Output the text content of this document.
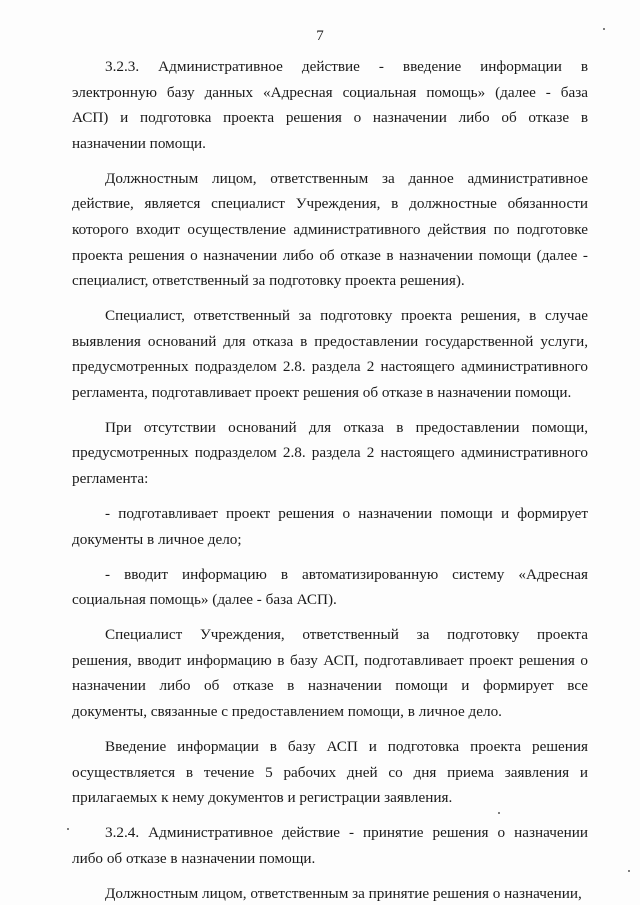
7
3.2.3. Административное действие - введение информации в
электронную базу данных «Адресная социальная помощь» (далее - база
АСП) и подготовка проекта решения о назначении либо об отказе в
назначении помощи.
Должностным лицом, ответственным за данное административное
действие, является специалист Учреждения, в должностные обязанности
которого входит осуществление административного действия по подготовке
проекта решения о назначении либо об отказе в назначении помощи (далее -
специалист, ответственный за подготовку проекта решения).
Специалист, ответственный за подготовку проекта решения, в случае
выявления оснований для отказа в предоставлении государственной услуги,
предусмотренных подразделом 2.8. раздела 2 настоящего административного
регламента, подготавливает проект решения об отказе в назначении помощи.
При отсутствии оснований для отказа в предоставлении помощи,
предусмотренных подразделом 2.8. раздела 2 настоящего административного
регламента:
- подготавливает проект решения о назначении помощи и формирует
документы в личное дело;
- вводит информацию в автоматизированную систему «Адресная
социальная помощь» (далее - база АСП).
Специалист Учреждения, ответственный за подготовку проекта
решения, вводит информацию в базу АСП, подготавливает проект решения о
назначении либо об отказе в назначении помощи и формирует все
документы, связанные с предоставлением помощи, в личное дело.
Введение информации в базу АСП и подготовка проекта решения
осуществляется в течение 5 рабочих дней со дня приема заявления и
прилагаемых к нему документов и регистрации заявления.
3.2.4. Административное действие - принятие решения о назначении
либо об отказе в назначении помощи.
Должностным лицом, ответственным за принятие решения о назначении,
